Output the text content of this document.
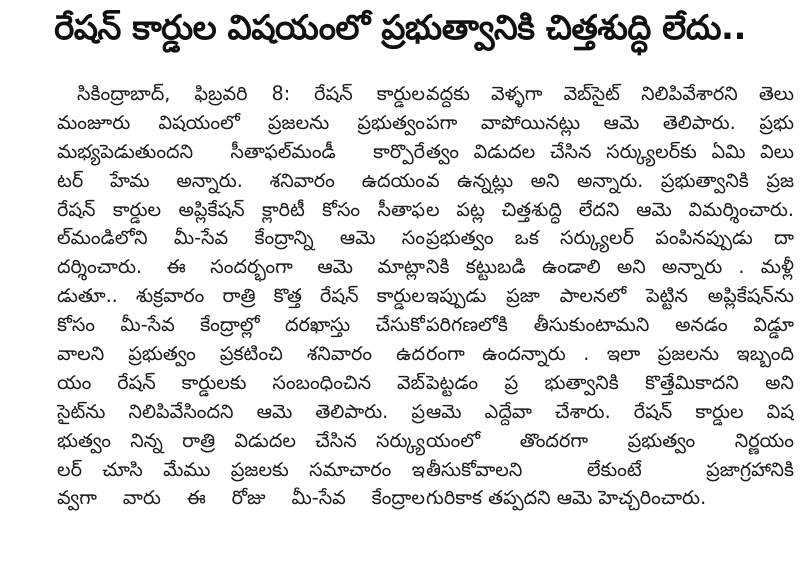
రేషన్ కార్డుల విషయంలో ప్రభుత్వానికి చిత్తశుద్ధి లేదు..
సికింద్రాబాద్, ఫిబ్రవరి 8: రేషన్ కార్డుల
మంజూరు విషయంలో ప్రజలను ప్రభుత్వం
మభ్యపెడుతుందని సీతాఫల్‌మండీ కార్పొరే
టర్ హేమ అన్నారు. శనివారం ఉదయం
రేషన్ కార్డుల అప్లికేషన్ క్లారిటీ కోసం సీతాఫ
ల్‌మండిలోని మీ-సేవ కేంద్రాన్ని ఆమె సం
దర్శించారు. ఈ సందర్భంగా ఆమె మాట్లా
డుతూ.. శుక్రవారం రాత్రి కొత్త రేషన్ కార్డుల
కోసం మీ-సేవ కేంద్రాల్లో దరఖాస్తు చేసుకో
వాలని ప్రభుత్వం ప్రకటించి శనివారం ఉద
యం రేషన్ కార్డులకు సంబంధించిన వెబ్
సైట్‌ను నిలిపివేసిందని ఆమె తెలిపారు. ప్ర
భుత్వం నిన్న రాత్రి విడుదల చేసిన సర్క్యు
లర్ చూసి మేము ప్రజలకు సమాచారం ఇ
వ్వగా వారు ఈ రోజు మీ-సేవ కేంద్రాల
వద్దకు వెళ్ళగా వెబ్‌సైట్ నిలిపివేశారని తెలు
పగా వాపోయినట్లు ఆమె తెలిపారు. ప్రభు
త్వం విడుదల చేసిన సర్క్యులర్‌కు ఏమి విలు
వ ఉన్నట్లు అని అన్నారు. ప్రభుత్వానికి ప్రజ
ల పట్ల చిత్తశుద్ధి లేదని ఆమె విమర్శించారు.
ప్రభుత్వం ఒక సర్క్యులర్ పంపినప్పుడు దా
నికి కట్టుబడి ఉండాలి అని అన్నారు . మళ్లీ
ఇప్పుడు ప్రజా పాలనలో పెట్టిన అప్లికేషన్‌ను
పరిగణలోకి తీసుకుంటామని అనడం విడ్డూ
రంగా ఉందన్నారు . ఇలా ప్రజలను ఇబ్బంది
పెట్టడం ప్ర భుత్వానికి కొత్తేమికాదని అని
ఆమె ఎద్దేవా చేశారు. రేషన్ కార్డుల విష
యంలో తొందరగా ప్రభుత్వం నిర్ణయం
తీసుకోవాలని లేకుంటే ప్రజాగ్రహానికి
గురికాక తప్పదని ఆమె హెచ్చరించారు.
